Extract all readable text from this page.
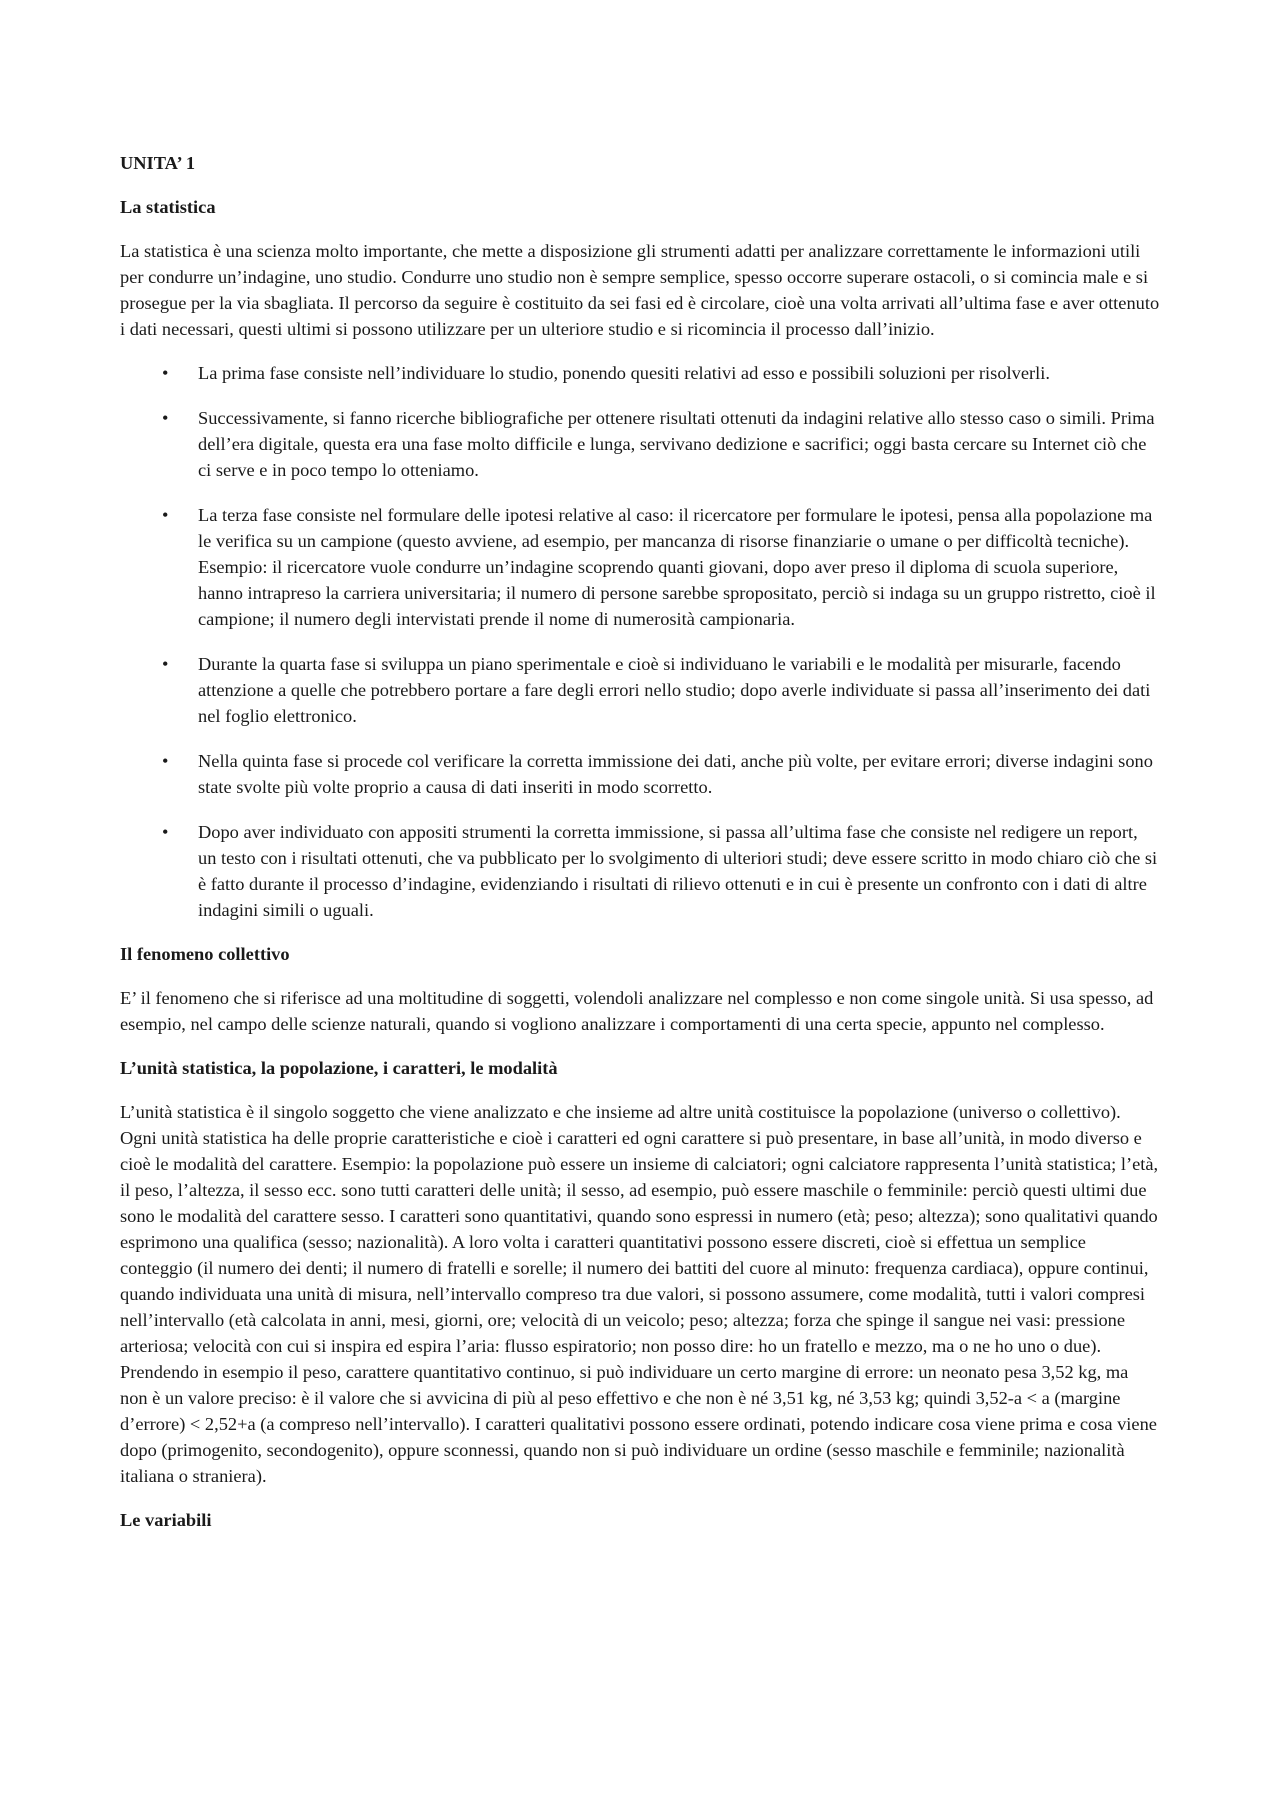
UNITA’ 1
La statistica

La statistica è una scienza molto importante, che mette a disposizione gli strumenti adatti per analizzare correttamente le informazioni utili per condurre un’indagine, uno studio. Condurre uno studio non è sempre semplice, spesso occorre superare ostacoli, o si comincia male e si prosegue per la via sbagliata. Il percorso da seguire è costituito da sei fasi ed è circolare, cioè una volta arrivati all’ultima fase e aver ottenuto i dati necessari, questi ultimi si possono utilizzare per un ulteriore studio e si ricomincia il processo dall’inizio.

• La prima fase consiste nell’individuare lo studio, ponendo quesiti relativi ad esso e possibili soluzioni per risolverli.
• Successivamente, si fanno ricerche bibliografiche per ottenere risultati ottenuti da indagini relative allo stesso caso o simili. Prima dell’era digitale, questa era una fase molto difficile e lunga, servivano dedizione e sacrifici; oggi basta cercare su Internet ciò che ci serve e in poco tempo lo otteniamo.
• La terza fase consiste nel formulare delle ipotesi relative al caso: il ricercatore per formulare le ipotesi, pensa alla popolazione ma le verifica su un campione (questo avviene, ad esempio, per mancanza di risorse finanziarie o umane o per difficoltà tecniche). Esempio: il ricercatore vuole condurre un’indagine scoprendo quanti giovani, dopo aver preso il diploma di scuola superiore, hanno intrapreso la carriera universitaria; il numero di persone sarebbe spropositato, perciò si indaga su un gruppo ristretto, cioè il campione; il numero degli intervistati prende il nome di numerosità campionaria.
• Durante la quarta fase si sviluppa un piano sperimentale e cioè si individuano le variabili e le modalità per misurarle, facendo attenzione a quelle che potrebbero portare a fare degli errori nello studio; dopo averle individuate si passa all’inserimento dei dati nel foglio elettronico.
• Nella quinta fase si procede col verificare la corretta immissione dei dati, anche più volte, per evitare errori; diverse indagini sono state svolte più volte proprio a causa di dati inseriti in modo scorretto.
• Dopo aver individuato con appositi strumenti la corretta immissione, si passa all’ultima fase che consiste nel redigere un report, un testo con i risultati ottenuti, che va pubblicato per lo svolgimento di ulteriori studi; deve essere scritto in modo chiaro ciò che si è fatto durante il processo d’indagine, evidenziando i risultati di rilievo ottenuti e in cui è presente un confronto con i dati di altre indagini simili o uguali.
Il fenomeno collettivo

E’ il fenomeno che si riferisce ad una moltitudine di soggetti, volendoli analizzare nel complesso e non come singole unità. Si usa spesso, ad esempio, nel campo delle scienze naturali, quando si vogliono analizzare i comportamenti di una certa specie, appunto nel complesso.

L’unità statistica, la popolazione, i caratteri, le modalità

L’unità statistica è il singolo soggetto che viene analizzato e che insieme ad altre unità costituisce la popolazione (universo o collettivo). Ogni unità statistica ha delle proprie caratteristiche e cioè i caratteri ed ogni carattere si può presentare, in base all’unità, in modo diverso e cioè le modalità del carattere. Esempio: la popolazione può essere un insieme di calciatori; ogni calciatore rappresenta l’unità statistica; l’età, il peso, l’altezza, il sesso ecc. sono tutti caratteri delle unità; il sesso, ad esempio, può essere maschile o femminile: perciò questi ultimi due sono le modalità del carattere sesso. I caratteri sono quantitativi, quando sono espressi in numero (età; peso; altezza); sono qualitativi quando esprimono una qualifica (sesso; nazionalità). A loro volta i caratteri quantitativi possono essere discreti, cioè si effettua un semplice conteggio (il numero dei denti; il numero di fratelli e sorelle; il numero dei battiti del cuore al minuto: frequenza cardiaca), oppure continui, quando individuata una unità di misura, nell’intervallo compreso tra due valori, si possono assumere, come modalità, tutti i valori compresi nell’intervallo (età calcolata in anni, mesi, giorni, ore; velocità di un veicolo; peso; altezza; forza che spinge il sangue nei vasi: pressione arteriosa; velocità con cui si inspira ed espira l’aria: flusso espiratorio; non posso dire: ho un fratello e mezzo, ma o ne ho uno o due). Prendendo in esempio il peso, carattere quantitativo continuo, si può individuare un certo margine di errore: un neonato pesa 3,52 kg, ma non è un valore preciso: è il valore che si avvicina di più al peso effettivo e che non è né 3,51 kg, né 3,53 kg; quindi 3,52-a < a (margine d’errore) < 2,52+a (a compreso nell’intervallo). I caratteri qualitativi possono essere ordinati, potendo indicare cosa viene prima e cosa viene dopo (primogenito, secondogenito), oppure sconnessi, quando non si può individuare un ordine (sesso maschile e femminile; nazionalità italiana o straniera).

Le variabili
